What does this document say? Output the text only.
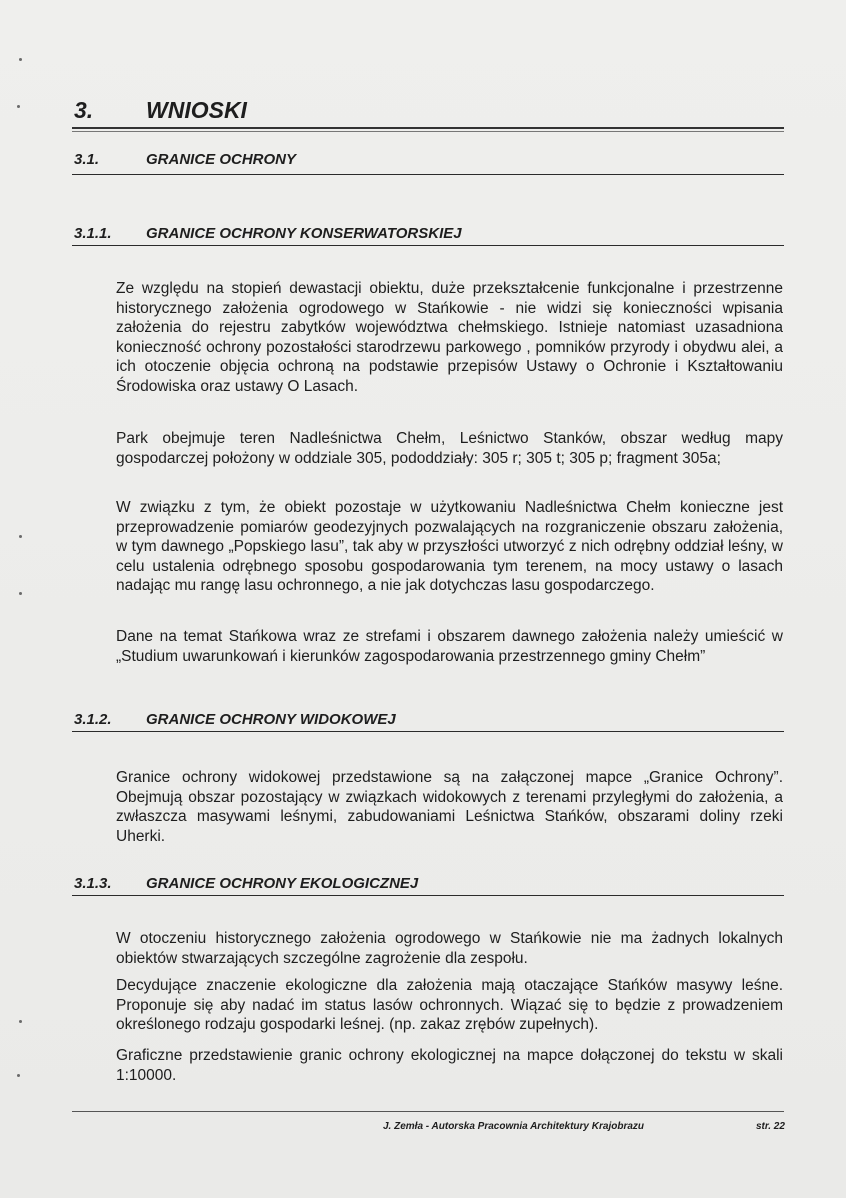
3. WNIOSKI
3.1.	GRANICE OCHRONY
3.1.1. GRANICE OCHRONY KONSERWATORSKIEJ

Ze względu na stopień dewastacji obiektu, duże przekształcenie funkcjonalne i przestrzenne historycznego założenia ogrodowego w Stańkowie - nie widzi się konieczności wpisania założenia do rejestru zabytków województwa chełmskiego. Istnieje natomiast uzasadniona konieczność ochrony pozostałości starodrzewu parkowego , pomników przyrody i obydwu alei, a ich otoczenie objęcia ochroną na podstawie przepisów Ustawy o Ochronie i Kształtowaniu Środowiska oraz ustawy O Lasach.

Park obejmuje teren Nadleśnictwa Chełm, Leśnictwo Stanków, obszar według mapy gospodarczej położony w oddziale 305, pododdziały: 305 r; 305 t; 305 p; fragment 305a;

W związku z tym, że obiekt pozostaje w użytkowaniu Nadleśnictwa Chełm konieczne jest przeprowadzenie pomiarów geodezyjnych pozwalających na rozgraniczenie obszaru założenia, w tym dawnego „Popskiego lasu”, tak aby w przyszłości utworzyć z nich odrębny oddział leśny, w celu ustalenia odrębnego sposobu gospodarowania tym terenem, na mocy ustawy o lasach nadając mu rangę lasu ochronnego, a nie jak dotychczas lasu gospodarczego.

Dane na temat Stańkowa wraz ze strefami i obszarem dawnego założenia należy umieścić w „Studium uwarunkowań i kierunków zagospodarowania przestrzennego gminy Chełm”

3.1.2. GRANICE OCHRONY WIDOKOWEJ

Granice ochrony widokowej przedstawione są na załączonej mapce „Granice Ochrony”. Obejmują obszar pozostający w związkach widokowych z terenami przyległymi do założenia, a zwłaszcza masywami leśnymi, zabudowaniami Leśnictwa Stańków, obszarami doliny rzeki Uherki.

3.1.3. GRANICE OCHRONY EKOLOGICZNEJ

W otoczeniu historycznego założenia ogrodowego w Stańkowie nie ma żadnych lokalnych obiektów stwarzających szczególne zagrożenie dla zespołu.

Decydujące znaczenie ekologiczne dla założenia mają otaczające Stańków masywy leśne. Proponuje się aby nadać im status lasów ochronnych. Wiązać się to będzie z prowadzeniem określonego rodzaju gospodarki leśnej. (np. zakaz zrębów zupełnych).

Graficzne przedstawienie granic ochrony ekologicznej na mapce dołączonej do tekstu w skali 1:10000.

J. Zemła - Autorska Pracownia Architektury Krajobrazu	str. 22
